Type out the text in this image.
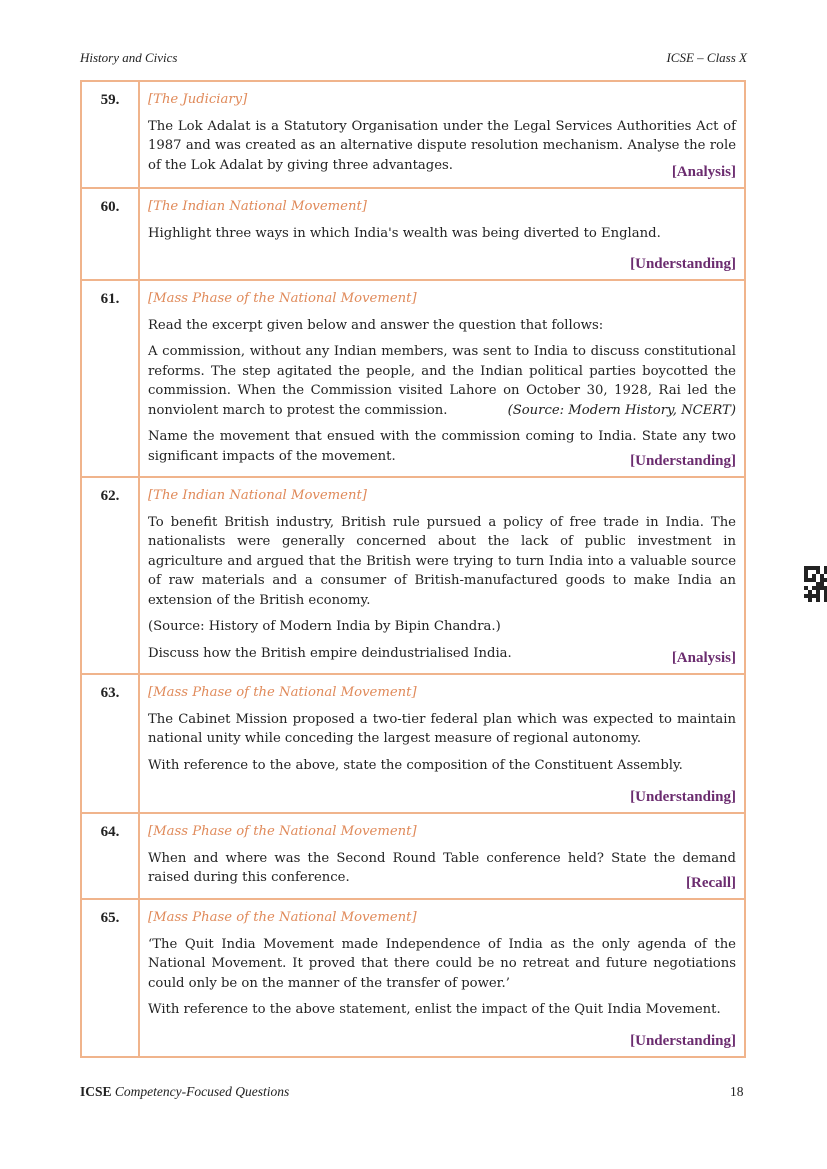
History and Civics	ICSE – Class X
59.	[The Judiciary]

The Lok Adalat is a Statutory Organisation under the Legal Services Authorities Act of 1987 and was created as an alternative dispute resolution mechanism. Analyse the role of the Lok Adalat by giving three advantages.	[Analysis]
60.	[The Indian National Movement]

Highlight three ways in which India's wealth was being diverted to England.

[Understanding]
61.	[Mass Phase of the National Movement]

Read the excerpt given below and answer the question that follows:

A commission, without any Indian members, was sent to India to discuss constitutional reforms. The step agitated the people, and the Indian political parties boycotted the commission. When the Commission visited Lahore on October 30, 1928, Rai led the nonviolent march to protest the commission.	(Source: Modern History, NCERT)

Name the movement that ensued with the commission coming to India. State any two significant impacts of the movement.	[Understanding]
62.	[The Indian National Movement]

To benefit British industry, British rule pursued a policy of free trade in India. The nationalists were generally concerned about the lack of public investment in agriculture and argued that the British were trying to turn India into a valuable source of raw materials and a consumer of British-manufactured goods to make India an extension of the British economy.

(Source: History of Modern India by Bipin Chandra.)

Discuss how the British empire deindustrialised India.	[Analysis]
63.	[Mass Phase of the National Movement]

The Cabinet Mission proposed a two-tier federal plan which was expected to maintain national unity while conceding the largest measure of regional autonomy.

With reference to the above, state the composition of the Constituent Assembly.

[Understanding]
64.	[Mass Phase of the National Movement]

When and where was the Second Round Table conference held? State the demand raised during this conference.	[Recall]
65.	[Mass Phase of the National Movement]

‘The Quit India Movement made Independence of India as the only agenda of the National Movement. It proved that there could be no retreat and future negotiations could only be on the manner of the transfer of power.’

With reference to the above statement, enlist the impact of the Quit India Movement.

[Understanding]
ICSE Competency-Focused Questions	18
